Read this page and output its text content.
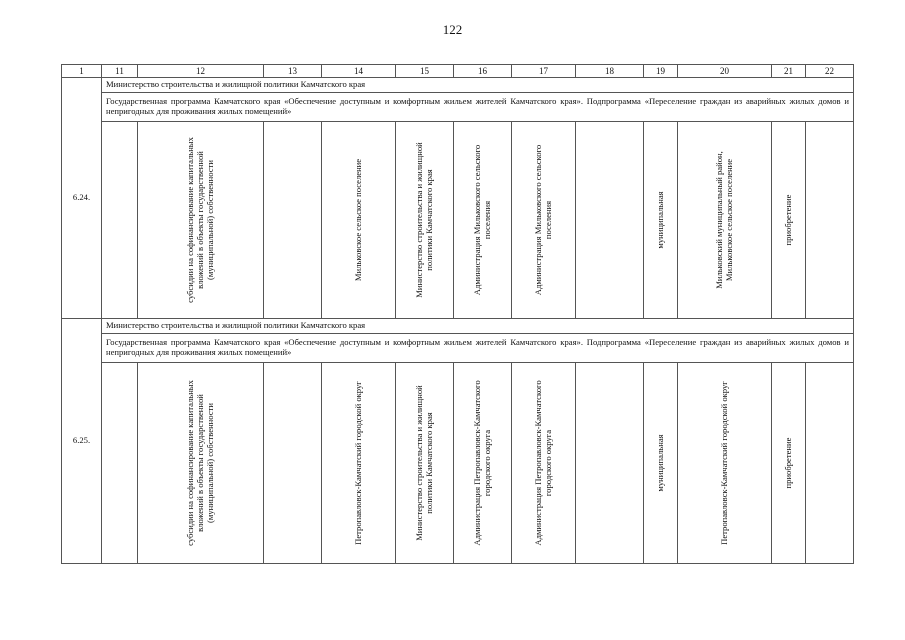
122
1	11	12	13	14	15	16	17	18	19	20	21	22
6.24.	Министерство строительства и жилищной политики Камчатского края											
	Государственная программа Камчатского края «Обеспечение доступным и комфортным жильем жителей Камчатского края». Подпрограмма «Переселение граждан из аварийных жилых домов и непригодных для проживания жилых помещений»											

		субсидии на софинансирование капитальных вложений в объекты государственной (муниципальной) собственности		Мильковское сельское поселение	Министерство строительства и жилищной политики Камчатского края	Администрация Мильковского сельского поселения	Администрация Мильковского сельского поселения		муниципальная	Мильковский муниципальный район, Мильковское сельское поселение	приобретение	

6.25.	Министерство строительства и жилищной политики Камчатского края											
	Государственная программа Камчатского края «Обеспечение доступным и комфортным жильем жителей Камчатского края». Подпрограмма «Переселение граждан из аварийных жилых домов и непригодных для проживания жилых помещений»											

		субсидии на софинансирование капитальных вложений в объекты государственной (муниципальной) собственности		Петропавловск-Камчатский городской округ	Министерство строительства и жилищной политики Камчатского края	Администрация Петропавловск-Камчатского городского округа	Администрация Петропавловск-Камчатского городского округа		муниципальная	Петропавловск-Камчатский городской округ	приобретение	
